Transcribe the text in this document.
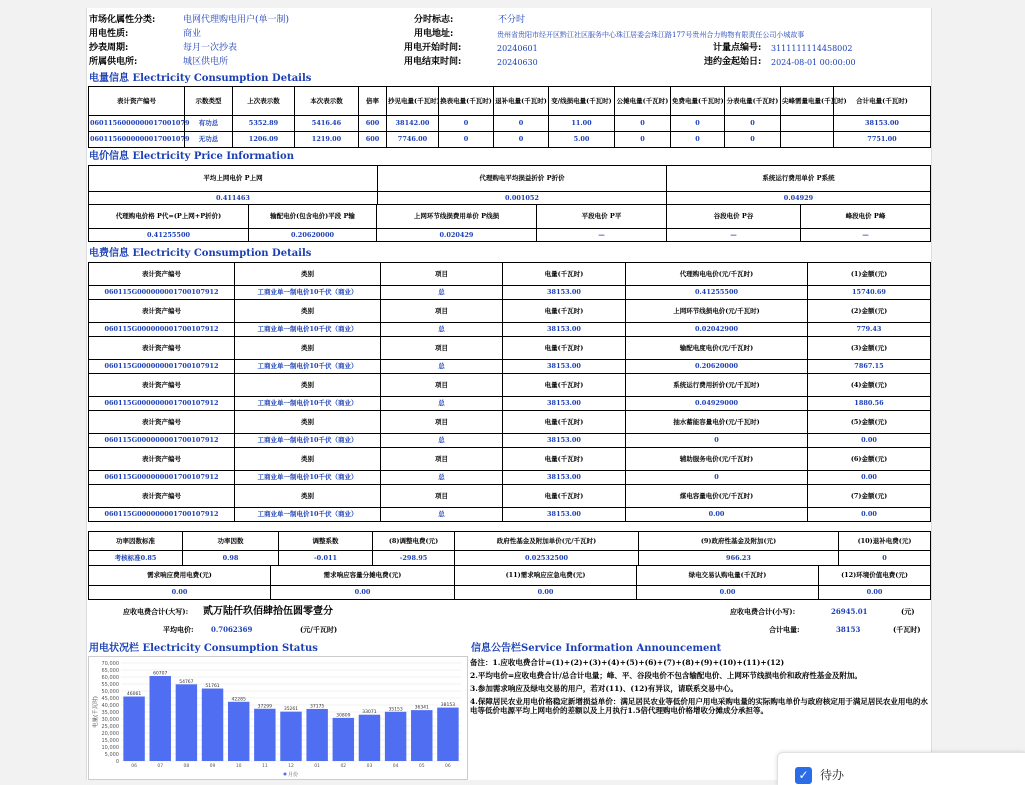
市场化属性分类:	电网代理购电用户(单一制)	分时标志:	不分时
用电性质:	商业	用电地址:	贵州省贵阳市经开区黔江社区服务中心珠江居委会珠江路177号贵州合力购物有限责任公司小城故事
抄表周期:	每月一次抄表	用电开始时间:	20240601	计量点编号: 3111111114458002
所属供电所:	城区供电所	用电结束时间:	20240630	违约金起始日: 2024-08-01 00:00:00
电量信息 Electricity Consumption Details
表计资产编号	示数类型	上次表示数	本次表示数	倍率	抄见电量(千瓦时)	换表电量(千瓦时)	退补电量(千瓦时)	变/线损电量(千瓦时)	公摊电量(千瓦时)	免费电量(千瓦时)	分表电量(千瓦时)	尖峰需量电量(千瓦时)	合计电量(千瓦时)
0601156000000017001079	有功总	5352.89	5416.46	600	38142.00	0	0	11.00	0	0	0		38153.00
0601156000000017001079	无功总	1206.09	1219.00	600	7746.00	0	0	5.00	0	0	0		7751.00
电价信息 Electricity Price Information
平均上网电价 P上网	代理购电平均损益折价 P折价	系统运行费用单价 P系统
0.411463	0.001052	0.04929
代理购电价格 P代=(P上网+P折价)	输配电价(包含电价)平段 P输	上网环节线损费用单价 P线损	平段电价 P平	谷段电价 P谷	峰段电价 P峰
0.41255500	0.20620000	0.020429	—	—	—
电费信息 Electricity Consumption Details
表计资产编号	类别	项目	电量(千瓦时)	代理购电电价(元/千瓦时)	(1)金额(元)
060115G000000001700107912	工商业单一制电价10千伏（商业）	总	38153.00	0.41255500	15740.69
表计资产编号	类别	项目	电量(千瓦时)	上网环节线损电价(元/千瓦时)	(2)金额(元)
060115G000000001700107912	工商业单一制电价10千伏（商业）	总	38153.00	0.02042900	779.43
表计资产编号	类别	项目	电量(千瓦时)	输配电度电价(元/千瓦时)	(3)金额(元)
060115G000000001700107912	工商业单一制电价10千伏（商业）	总	38153.00	0.20620000	7867.15
表计资产编号	类别	项目	电量(千瓦时)	系统运行费用折价(元/千瓦时)	(4)金额(元)
060115G000000001700107912	工商业单一制电价10千伏（商业）	总	38153.00	0.04929000	1880.56
表计资产编号	类别	项目	电量(千瓦时)	抽水蓄能容量电价(元/千瓦时)	(5)金额(元)
060115G000000001700107912	工商业单一制电价10千伏（商业）	总	38153.00	0	0.00
表计资产编号	类别	项目	电量(千瓦时)	辅助服务电价(元/千瓦时)	(6)金额(元)
060115G000000001700107912	工商业单一制电价10千伏（商业）	总	38153.00	0	0.00
表计资产编号	类别	项目	电量(千瓦时)	煤电容量电价(元/千瓦时)	(7)金额(元)
060115G000000001700107912	工商业单一制电价10千伏（商业）	总	38153.00	0.00	0.00
功率因数标准	功率因数	调整系数	(8)调整电费(元)	政府性基金及附加单价(元/千瓦时)	(9)政府性基金及附加(元)	(10)退补电费(元)
考核标准0.85	0.98	-0.011	-298.95	0.02532500	966.23	0
需求响应费用电费(元)	需求响应容量分摊电费(元)	(11)需求响应应急电费(元)	绿电交易认购电量(千瓦时)	(12)环境价值电费(元)
0.00	0.00	0.00	0.00	0.00
应收电费合计(大写): 贰万陆仟玖佰肆拾伍圆零壹分	应收电费合计(小写):	26945.01	(元)
平均电价: 0.7062369	(元/千瓦时)	合计电量:	38153	(千瓦时)
用电状况栏 Electricity Consumption Status
0
5,000
10,000
15,000
20,000
25,000
30,000
35,000
40,000
45,000
50,000
55,000
60,000
65,000
70,000
46061
06
60707
07
54767
08
51761
09
42285
10
37299
11
35261
12
37175
01
30809
02
33071
03
35153
04
36341
05
38153
06
电量(千瓦时)
月份
信息公告栏Service Information Announcement

备注：1.应收电费合计=(1)+(2)+(3)+(4)+(5)+(6)+(7)+(8)+(9)+(10)+(11)+(12)

2.平均电价=应收电费合计/总合计电量；峰、平、谷段电价不包含输配电价、上网环节线损电价和政府性基金及附加。

3.参加需求响应及绿电交易的用户，若对(11)、(12)有异议，请联系交易中心。

4.保障居民农业用电价格稳定新增损益单价：满足居民农业等低价用户用电采购电量的实际购电单价与政府核定用于满足居民农业用电的水电等低价电源平均上网电价的差额以及上月执行1.5倍代理购电价格增收分摊成分承担等。

✓ 待办
